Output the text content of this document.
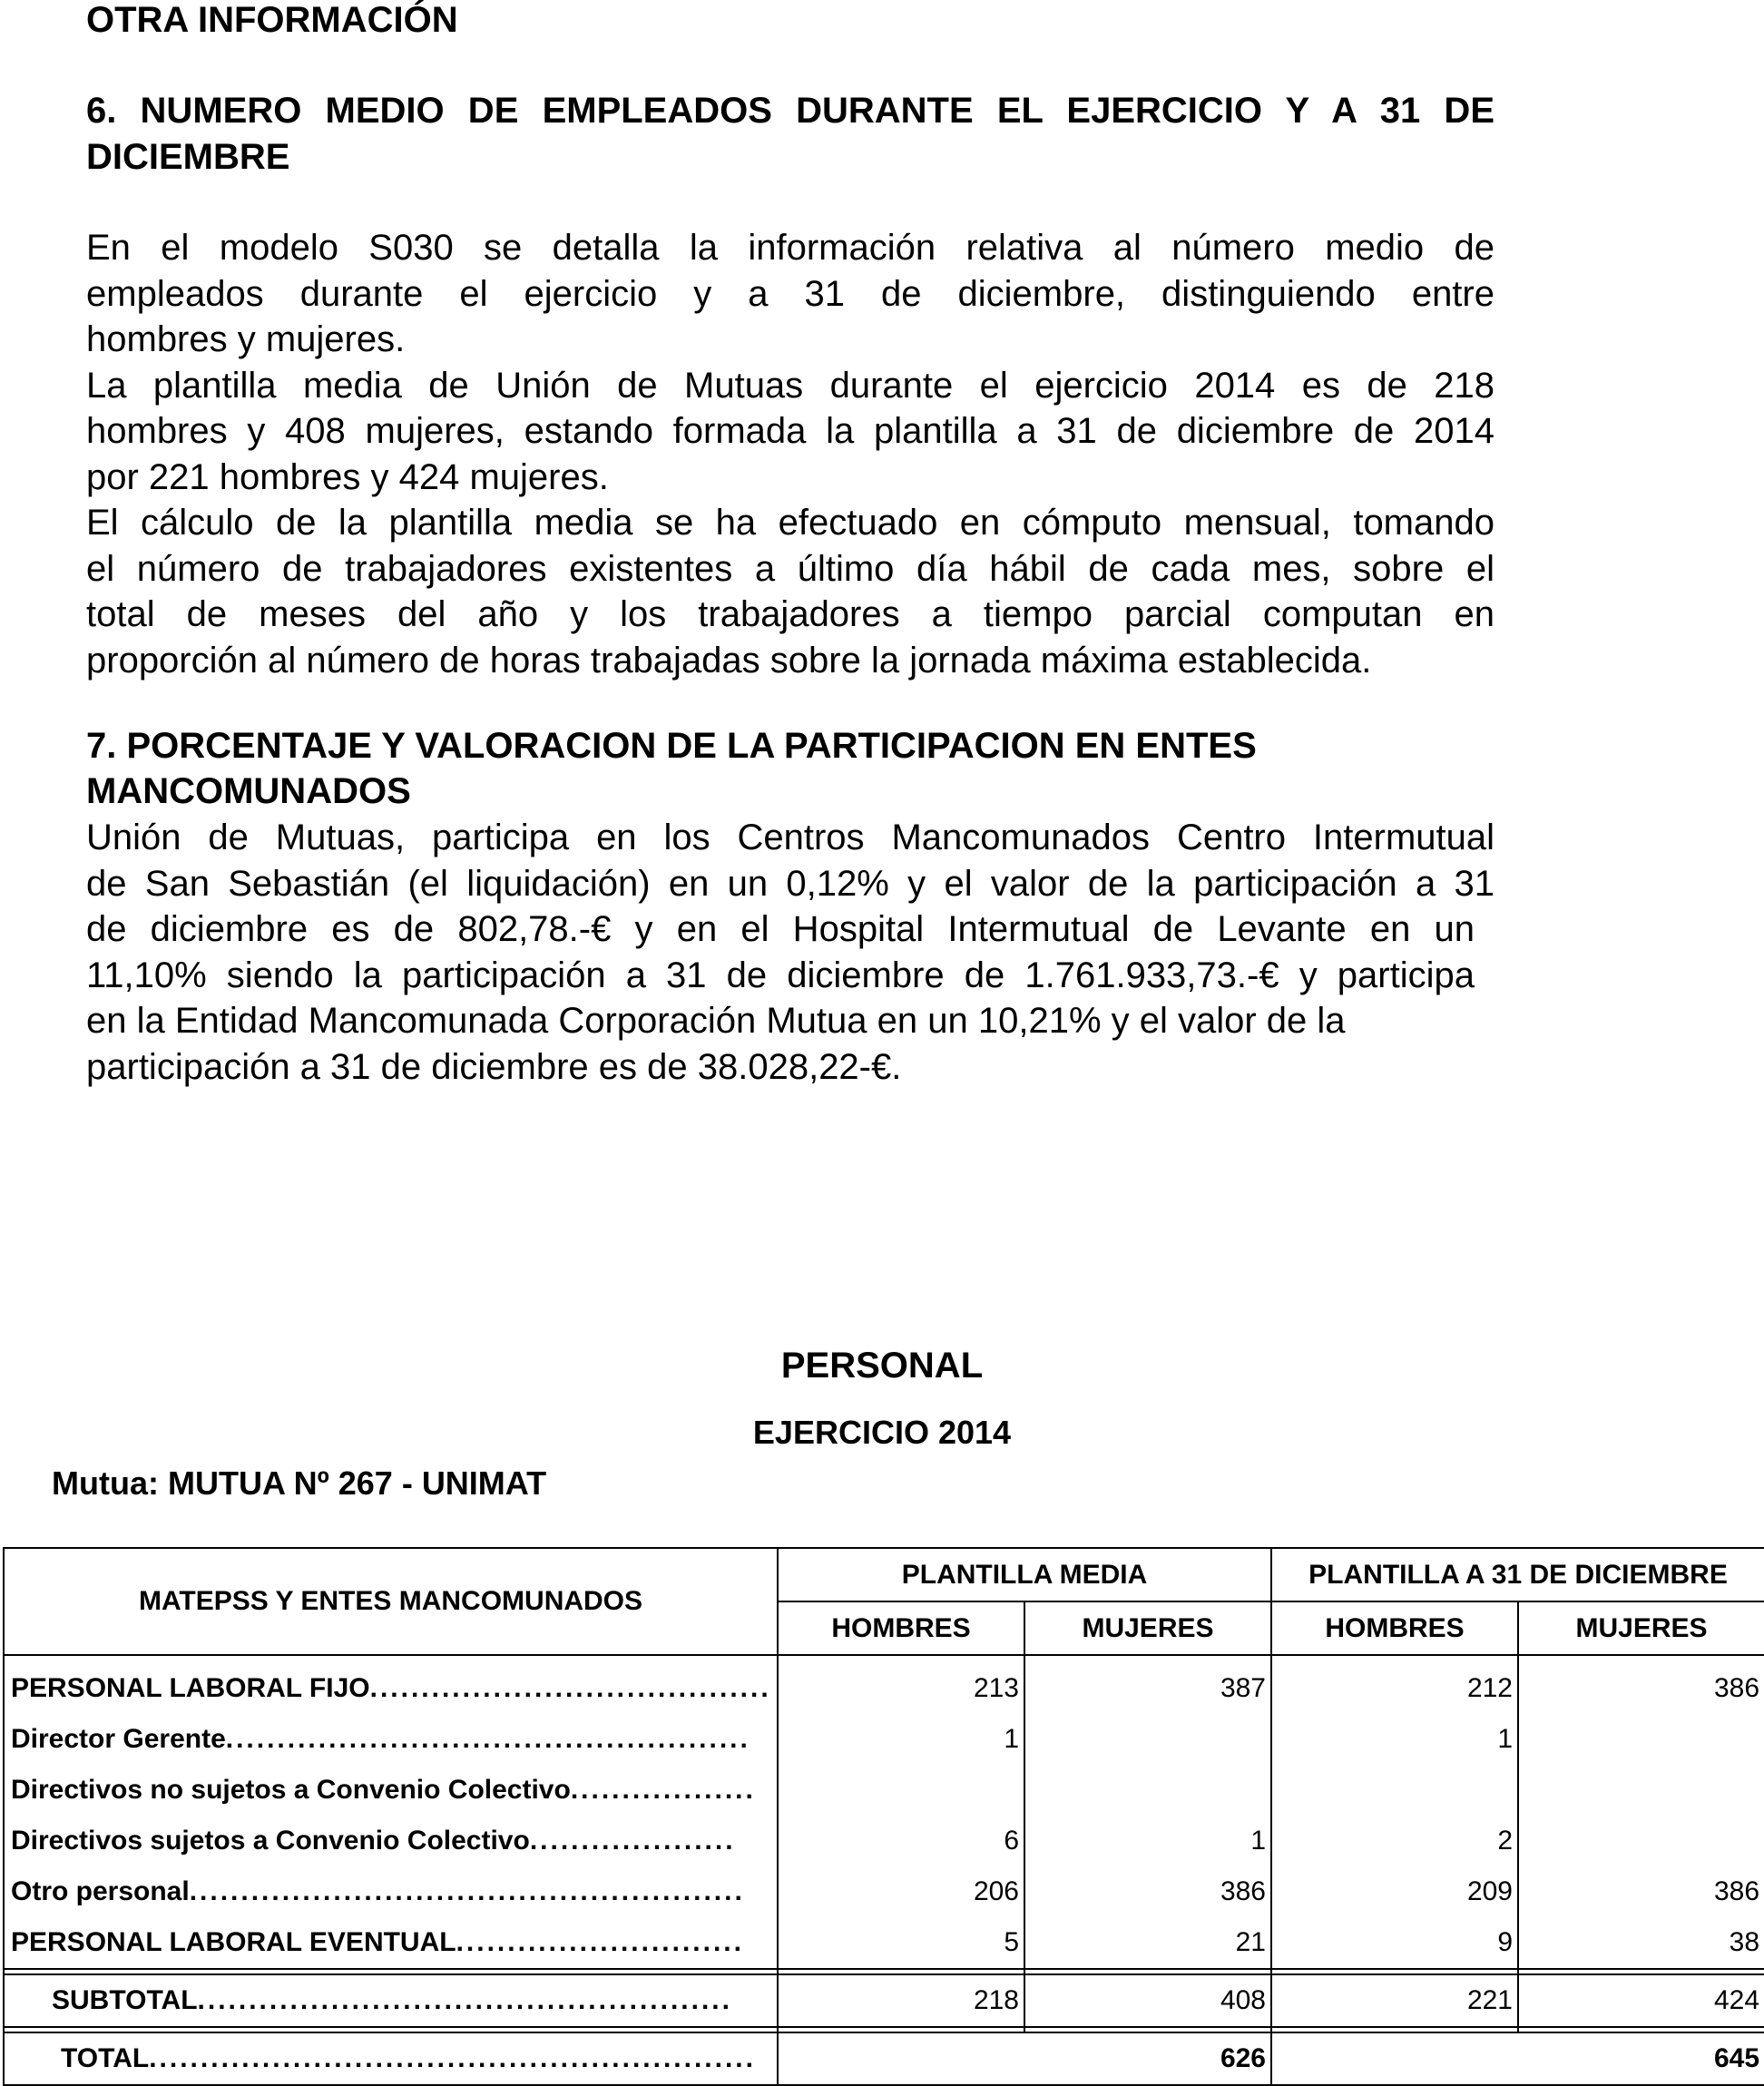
OTRA INFORMACIÓN

6. NUMERO MEDIO DE EMPLEADOS DURANTE EL EJERCICIO Y A 31 DE
DICIEMBRE
En el modelo S030 se detalla la información relativa al número medio de
empleados durante el ejercicio y a 31 de diciembre, distinguiendo entre
hombres y mujeres.
La plantilla media de Unión de Mutuas durante el ejercicio 2014 es de 218
hombres y 408 mujeres, estando formada la plantilla a 31 de diciembre de 2014
por 221 hombres y 424 mujeres.
El cálculo de la plantilla media se ha efectuado en cómputo mensual, tomando
el número de trabajadores existentes a último día hábil de cada mes, sobre el
total de meses del año y los trabajadores a tiempo parcial computan en
proporción al número de horas trabajadas sobre la jornada máxima establecida.
7. PORCENTAJE Y VALORACION DE LA PARTICIPACION EN ENTES
MANCOMUNADOS
Unión de Mutuas, participa en los Centros Mancomunados Centro Intermutual
de San Sebastián (el liquidación) en un 0,12% y el valor de la participación a 31
de diciembre es de 802,78.-€ y en el Hospital Intermutual de Levante en un
11,10% siendo la participación a 31 de diciembre de 1.761.933,73.-€ y participa
en la Entidad Mancomunada Corporación Mutua en un 10,21% y el valor de la
participación a 31 de diciembre es de 38.028,22-€.
PERSONAL
EJERCICIO 2014
Mutua: MUTUA Nº 267 - UNIMAT
MATEPSS Y ENTES MANCOMUNADOS	PLANTILLA MEDIA		PLANTILLA A 31 DE DICIEMBRE	
	HOMBRES	MUJERES	HOMBRES	MUJERES
PERSONAL LABORAL FIJO.......................................	213	387	212	386
Director Gerente...................................................	1		1	
Directivos no sujetos a Convenio Colectivo..................				
Directivos sujetos a Convenio Colectivo....................	6	1	2	
Otro personal......................................................	206	386	209	386
PERSONAL LABORAL EVENTUAL............................	5	21	9	38

SUBTOTAL....................................................	218	408	221	424

TOTAL...........................................................	626		645	
